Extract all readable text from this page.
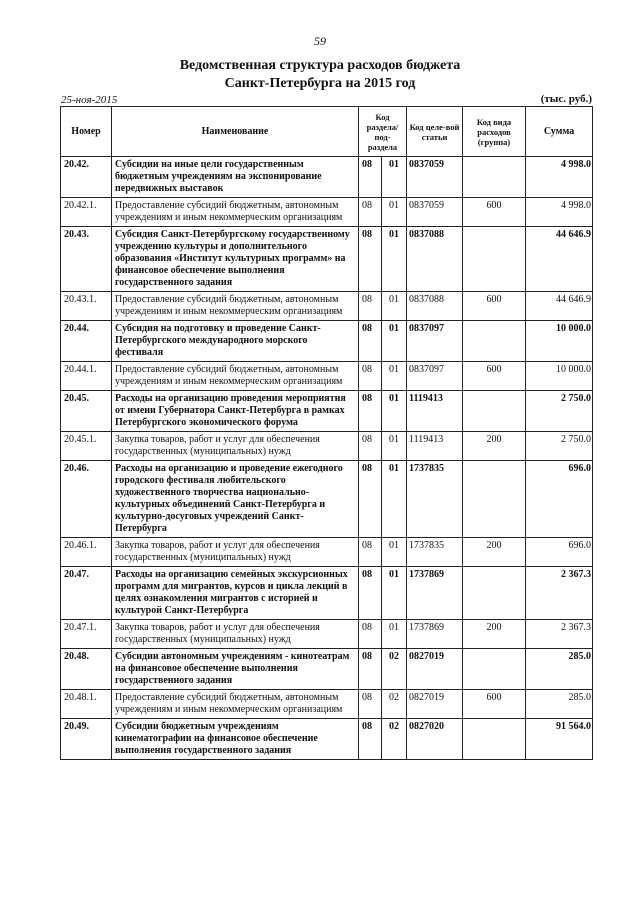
59
Ведомственная структура расходов бюджета
Санкт-Петербурга на 2015 год
25-ноя-2015	(тыс. руб.)
Номер	Наименование	Код раздела/ под-раздела		Код целе-вой статьи	Код вида расходов (группа)	Сумма
20.42.	Субсидии на иные цели государственным бюджетным учреждениям на экспонирование передвижных выставок	08	01	0837059		4 998.0
20.42.1.	Предоставление субсидий бюджетным, автономным учреждениям и иным некоммерческим организациям	08	01	0837059	600	4 998.0
20.43.	Субсидия Санкт-Петербургскому государственному учреждению культуры и дополнительного образования «Институт культурных программ» на финансовое обеспечение выполнения государственного задания	08	01	0837088		44 646.9
20.43.1.	Предоставление субсидий бюджетным, автономным учреждениям и иным некоммерческим организациям	08	01	0837088	600	44 646.9
20.44.	Субсидия на подготовку и проведение Санкт-Петербургского международного морского фестиваля	08	01	0837097		10 000.0
20.44.1.	Предоставление субсидий бюджетным, автономным учреждениям и иным некоммерческим организациям	08	01	0837097	600	10 000.0
20.45.	Расходы на организацию проведения мероприятия от имени Губернатора Санкт-Петербурга в рамках Петербургского экономического форума	08	01	1119413		2 750.0
20.45.1.	Закупка товаров, работ и услуг для обеспечения государственных (муниципальных) нужд	08	01	1119413	200	2 750.0
20.46.	Расходы на организацию и проведение ежегодного городского фестиваля любительского художественного творчества национально-культурных объединений Санкт-Петербурга и культурно-досуговых учреждений Санкт-Петербурга	08	01	1737835		696.0
20.46.1.	Закупка товаров, работ и услуг для обеспечения государственных (муниципальных) нужд	08	01	1737835	200	696.0
20.47.	Расходы на организацию семейных экскурсионных программ для мигрантов, курсов и цикла лекций в целях ознакомления мигрантов с историей и культурой Санкт-Петербурга	08	01	1737869		2 367.3
20.47.1.	Закупка товаров, работ и услуг для обеспечения государственных (муниципальных) нужд	08	01	1737869	200	2 367.3
20.48.	Субсидии автономным учреждениям - кинотеатрам на финансовое обеспечение выполнения государственного задания	08	02	0827019		285.0
20.48.1.	Предоставление субсидий бюджетным, автономным учреждениям и иным некоммерческим организациям	08	02	0827019	600	285.0
20.49.	Субсидии бюджетным учреждениям кинематографии на финансовое обеспечение выполнения государственного задания	08	02	0827020		91 564.0
